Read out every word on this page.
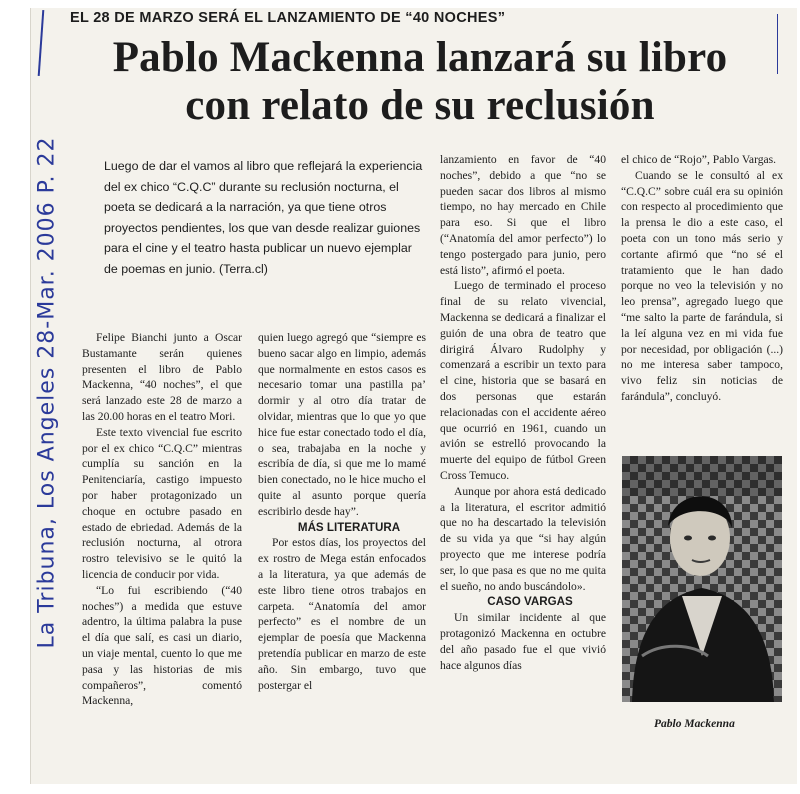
EL 28 DE MARZO SERÁ EL LANZAMIENTO DE “40 NOCHES”
Pablo Mackenna lanzará su libro
con relato de su reclusión
Luego de dar el vamos al libro que reflejará la experiencia del ex chico “C.Q.C” durante su reclusión nocturna, el poeta se dedicará a la narración, ya que tiene otros proyectos pendientes, los que van desde realizar guiones para el cine y el teatro hasta publicar un nuevo ejemplar de poemas en junio. (Terra.cl)

Felipe Bianchi junto a Oscar Bustamante serán quienes presenten el libro de Pablo Mackenna, “40 noches”, el que será lanzado este 28 de marzo a las 20.00 horas en el teatro Mori.

Este texto vivencial fue escrito por el ex chico “C.Q.C” mientras cumplía su sanción en la Penitenciaría, castigo impuesto por haber protagonizado un choque en octubre pasado en estado de ebriedad. Además de la reclusión nocturna, al otrora rostro televisivo se le quitó la licencia de conducir por vida.

“Lo fui escribiendo (“40 noches”) a medida que estuve adentro, la última palabra la puse el día que salí, es casi un diario, un viaje mental, cuento lo que me pasa y las historias de mis compañeros”, comentó Mackenna,

quien luego agregó que “siempre es bueno sacar algo en limpio, además que normalmente en estos casos es necesario tomar una pastilla pa’ dormir y al otro día tratar de olvidar, mientras que lo que yo que hice fue estar conectado todo el día, o sea, trabajaba en la noche y escribía de día, si que me lo mamé bien conectado, no le hice mucho el quite al asunto porque quería escribirlo desde hay”.

MÁS LITERATURA

Por estos días, los proyectos del ex rostro de Mega están enfocados a la literatura, ya que además de este libro tiene otros trabajos en carpeta. “Anatomía del amor perfecto” es el nombre de un ejemplar de poesía que Mackenna pretendía publicar en marzo de este año. Sin embargo, tuvo que postergar el

lanzamiento en favor de “40 noches”, debido a que “no se pueden sacar dos libros al mismo tiempo, no hay mercado en Chile para eso. Si que el libro (“Anatomía del amor perfecto”) lo tengo postergado para junio, pero está listo”, afirmó el poeta.

Luego de terminado el proceso final de su relato vivencial, Mackenna se dedicará a finalizar el guión de una obra de teatro que dirigirá Álvaro Rudolphy y comenzará a escribir un texto para el cine, historia que se basará en dos personas que estarán relacionadas con el accidente aéreo que ocurrió en 1961, cuando un avión se estrelló provocando la muerte del equipo de fútbol Green Cross Temuco.

Aunque por ahora está dedicado a la literatura, el escritor admitió que no ha descartado la televisión de su vida ya que “si hay algún proyecto que me interese podría ser, lo que pasa es que no me quita el sueño, no ando buscándolo».

CASO VARGAS

Un similar incidente al que protagonizó Mackenna en octubre del año pasado fue el que vivió hace algunos días

el chico de “Rojo”, Pablo Vargas.

Cuando se le consultó al ex “C.Q.C” sobre cuál era su opinión con respecto al procedimiento que la prensa le dio a este caso, el poeta con un tono más serio y cortante afirmó que “no sé el tratamiento que le han dado porque no veo la televisión y no leo prensa”, agregado luego que “me salto la parte de farándula, si la leí alguna vez en mi vida fue por necesidad, por obligación (...) no me interesa saber tampoco, vivo feliz sin noticias de farándula”, concluyó.

Pablo Mackenna
La Tribuna, Los Angeles 28-Mar. 2006 P. 22
